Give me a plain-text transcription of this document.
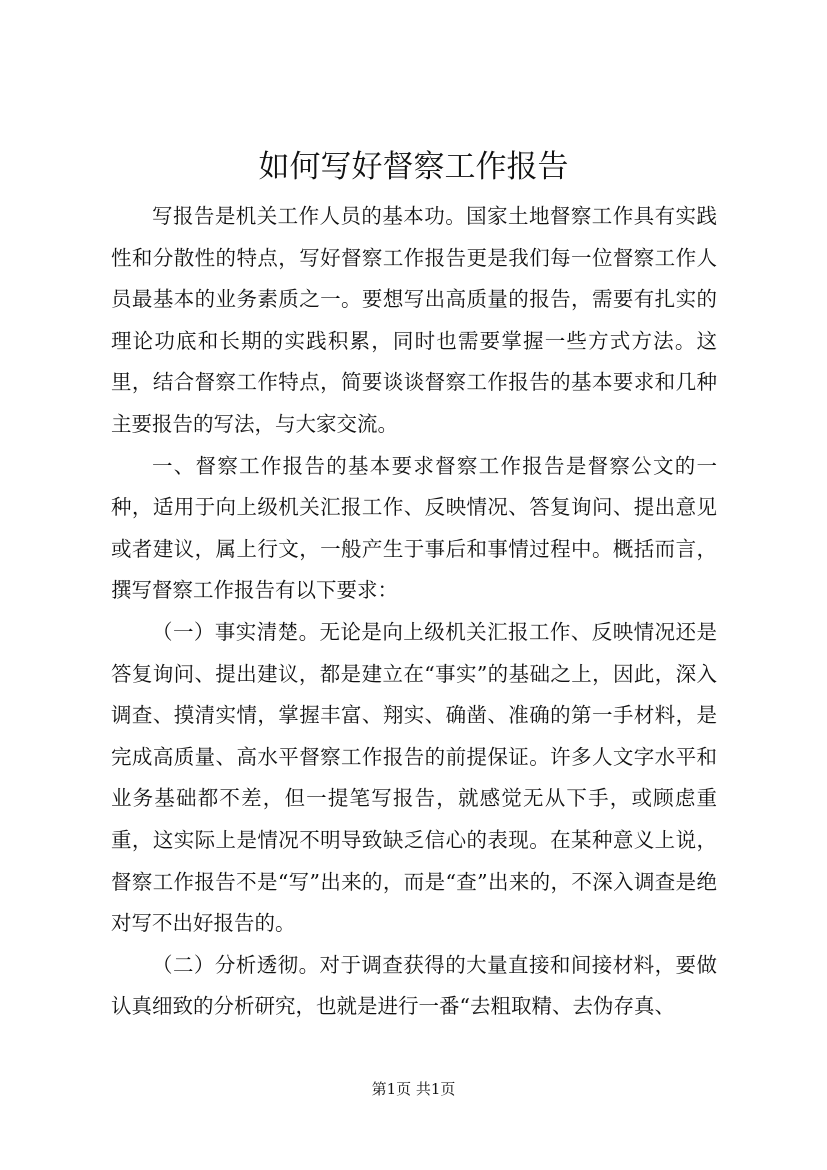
如何写好督察工作报告

写报告是机关工作人员的基本功。国家土地督察工作具有实践性和分散性的特点，写好督察工作报告更是我们每一位督察工作人员最基本的业务素质之一。要想写出高质量的报告，需要有扎实的理论功底和长期的实践积累，同时也需要掌握一些方式方法。这里，结合督察工作特点，简要谈谈督察工作报告的基本要求和几种主要报告的写法，与大家交流。

一、督察工作报告的基本要求督察工作报告是督察公文的一种，适用于向上级机关汇报工作、反映情况、答复询问、提出意见或者建议，属上行文，一般产生于事后和事情过程中。概括而言，撰写督察工作报告有以下要求：

（一）事实清楚。无论是向上级机关汇报工作、反映情况还是答复询问、提出建议，都是建立在“事实”的基础之上，因此，深入调查、摸清实情，掌握丰富、翔实、确凿、准确的第一手材料，是完成高质量、高水平督察工作报告的前提保证。许多人文字水平和业务基础都不差，但一提笔写报告，就感觉无从下手，或顾虑重重，这实际上是情况不明导致缺乏信心的表现。在某种意义上说，督察工作报告不是“写”出来的，而是“查”出来的，不深入调查是绝对写不出好报告的。

（二）分析透彻。对于调查获得的大量直接和间接材料，要做认真细致的分析研究，也就是进行一番“去粗取精、去伪存真、

第1页 共1页
